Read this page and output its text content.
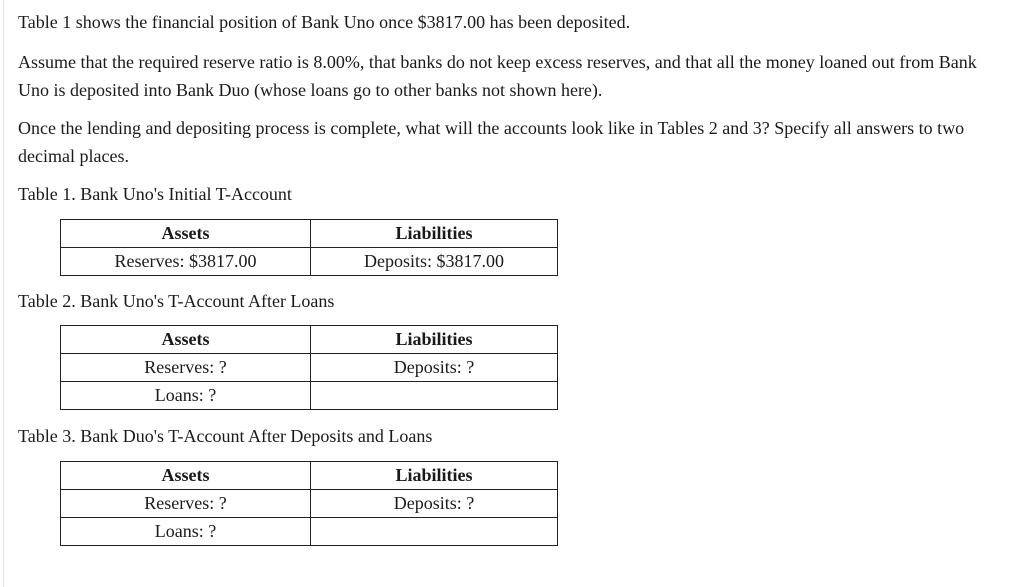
Table 1 shows the financial position of Bank Uno once $3817.00 has been deposited.

Assume that the required reserve ratio is 8.00%, that banks do not keep excess reserves, and that all the money loaned out from Bank Uno is deposited into Bank Duo (whose loans go to other banks not shown here).

Once the lending and depositing process is complete, what will the accounts look like in Tables 2 and 3? Specify all answers to two decimal places.

Table 1. Bank Uno's Initial T-Account

Assets	Liabilities
Reserves: $3817.00	Deposits: $3817.00

Table 2. Bank Uno's T-Account After Loans

Assets	Liabilities
Reserves: ?	Deposits: ?
Loans: ?	

Table 3. Bank Duo's T-Account After Deposits and Loans

Assets	Liabilities
Reserves: ?	Deposits: ?
Loans: ?	
